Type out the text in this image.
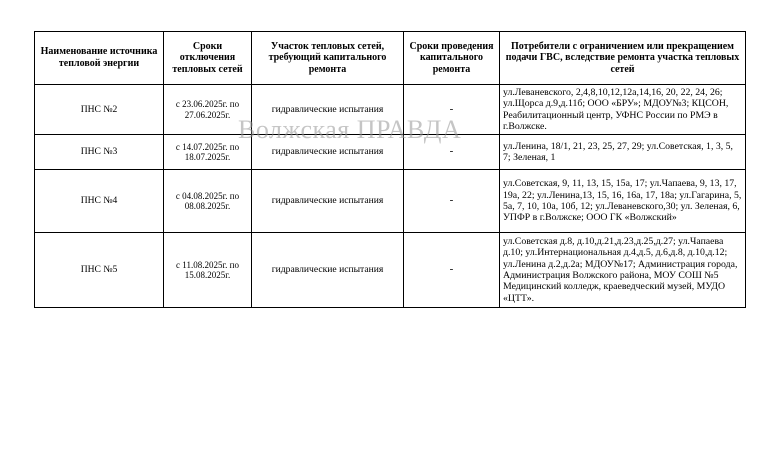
Наименование источника тепловой энергии	Сроки отключения тепловых сетей	Участок тепловых сетей, требующий капитального ремонта	Сроки проведения капитального ремонта	Потребители с ограничением или прекращением подачи ГВС, вследствие ремонта участка тепловых сетей
ПНС №2	с 23.06.2025г. по 27.06.2025г.	гидравлические испытания	-	ул.Леваневского, 2,4,8,10,12,12а,14,16, 20, 22, 24, 26; ул.Щорса д.9,д.11б; ООО «БРУ»; МДОУ№3; КЦСОН, Реабилитационный центр, УФНС России по РМЭ в г.Волжске.
ПНС №3	с 14.07.2025г. по 18.07.2025г.	гидравлические испытания	-	ул.Ленина, 18/1, 21, 23, 25, 27, 29; ул.Советская, 1, 3, 5, 7; Зеленая, 1
ПНС №4	с 04.08.2025г. по 08.08.2025г.	гидравлические испытания	-	ул.Советская, 9, 11, 13, 15, 15а, 17; ул.Чапаева, 9, 13, 17, 19а, 22; ул.Ленина,13, 15, 16, 16а, 17, 18а; ул.Гагарина, 5, 5а, 7, 10, 10а, 10б, 12; ул.Леваневского,30; ул. Зеленая, 6, УПФР в г.Волжске; ООО ГК «Волжский»
ПНС №5	с 11.08.2025г. по 15.08.2025г.	гидравлические испытания	-	ул.Советская д.8, д.10,д.21,д.23,д.25,д.27; ул.Чапаева д.10; ул.Интернациональная д.4,д.5, д.6,д.8, д.10,д.12; ул.Ленина д.2,д.2а; МДОУ№17; Администрация города, Администрация Волжского района, МОУ СОШ №5 Медицинский колледж, краеведческий музей, МУДО «ЦТТ».
Волжская ПРАВДА
